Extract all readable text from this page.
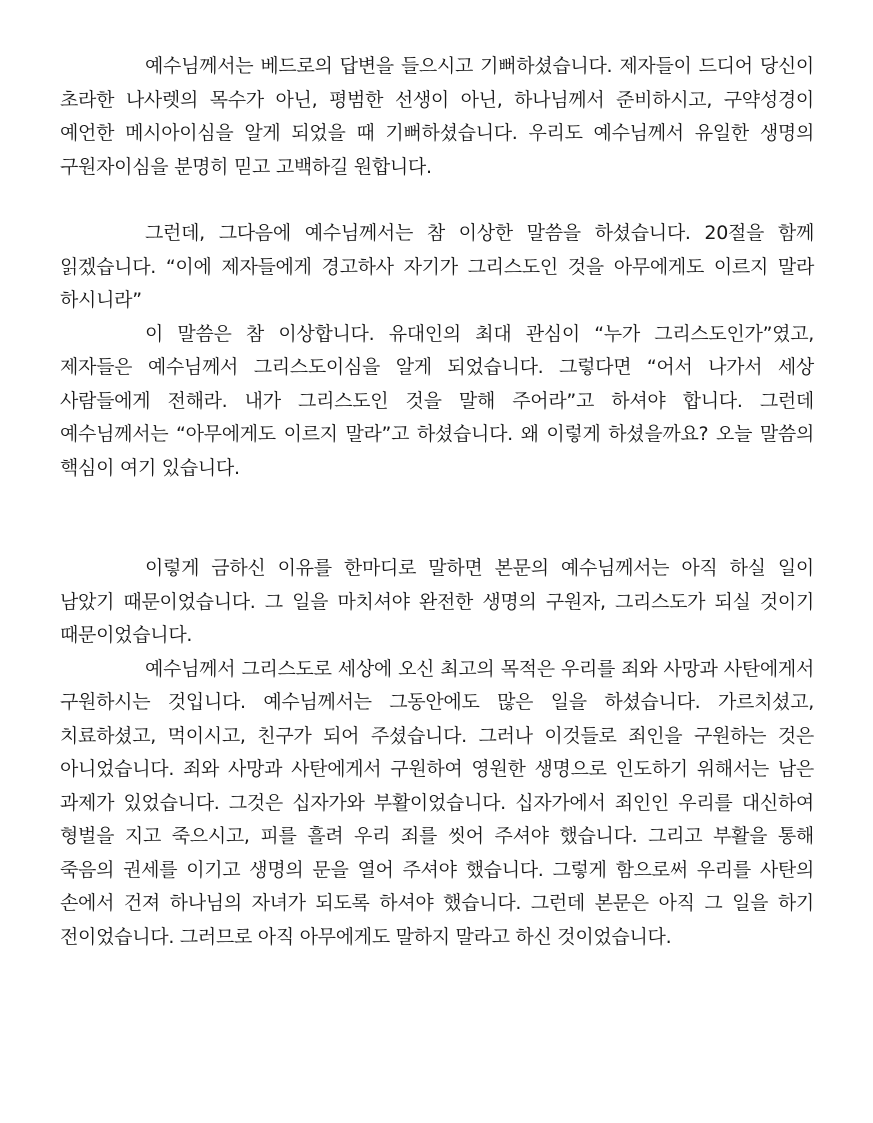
예수님께서는 베드로의 답변을 들으시고 기뻐하셨습니다. 제자들이 드디어 당신이 초라한 나사렛의 목수가 아닌, 평범한 선생이 아닌, 하나님께서 준비하시고, 구약성경이 예언한 메시아이심을 알게 되었을 때 기뻐하셨습니다. 우리도 예수님께서 유일한 생명의 구원자이심을 분명히 믿고 고백하길 원합니다.

그런데, 그다음에 예수님께서는 참 이상한 말씀을 하셨습니다. 20절을 함께 읽겠습니다. “이에 제자들에게 경고하사 자기가 그리스도인 것을 아무에게도 이르지 말라 하시니라”

이 말씀은 참 이상합니다. 유대인의 최대 관심이 “누가 그리스도인가”였고, 제자들은 예수님께서 그리스도이심을 알게 되었습니다. 그렇다면 “어서 나가서 세상 사람들에게 전해라. 내가 그리스도인 것을 말해 주어라”고 하셔야 합니다. 그런데 예수님께서는 “아무에게도 이르지 말라”고 하셨습니다. 왜 이렇게 하셨을까요? 오늘 말씀의 핵심이 여기 있습니다.

이렇게 금하신 이유를 한마디로 말하면 본문의 예수님께서는 아직 하실 일이 남았기 때문이었습니다. 그 일을 마치셔야 완전한 생명의 구원자, 그리스도가 되실 것이기 때문이었습니다.

예수님께서 그리스도로 세상에 오신 최고의 목적은 우리를 죄와 사망과 사탄에게서 구원하시는 것입니다. 예수님께서는 그동안에도 많은 일을 하셨습니다. 가르치셨고, 치료하셨고, 먹이시고, 친구가 되어 주셨습니다. 그러나 이것들로 죄인을 구원하는 것은 아니었습니다. 죄와 사망과 사탄에게서 구원하여 영원한 생명으로 인도하기 위해서는 남은 과제가 있었습니다. 그것은 십자가와 부활이었습니다. 십자가에서 죄인인 우리를 대신하여 형벌을 지고 죽으시고, 피를 흘려 우리 죄를 씻어 주셔야 했습니다. 그리고 부활을 통해 죽음의 권세를 이기고 생명의 문을 열어 주셔야 했습니다. 그렇게 함으로써 우리를 사탄의 손에서 건져 하나님의 자녀가 되도록 하셔야 했습니다. 그런데 본문은 아직 그 일을 하기 전이었습니다. 그러므로 아직 아무에게도 말하지 말라고 하신 것이었습니다.
